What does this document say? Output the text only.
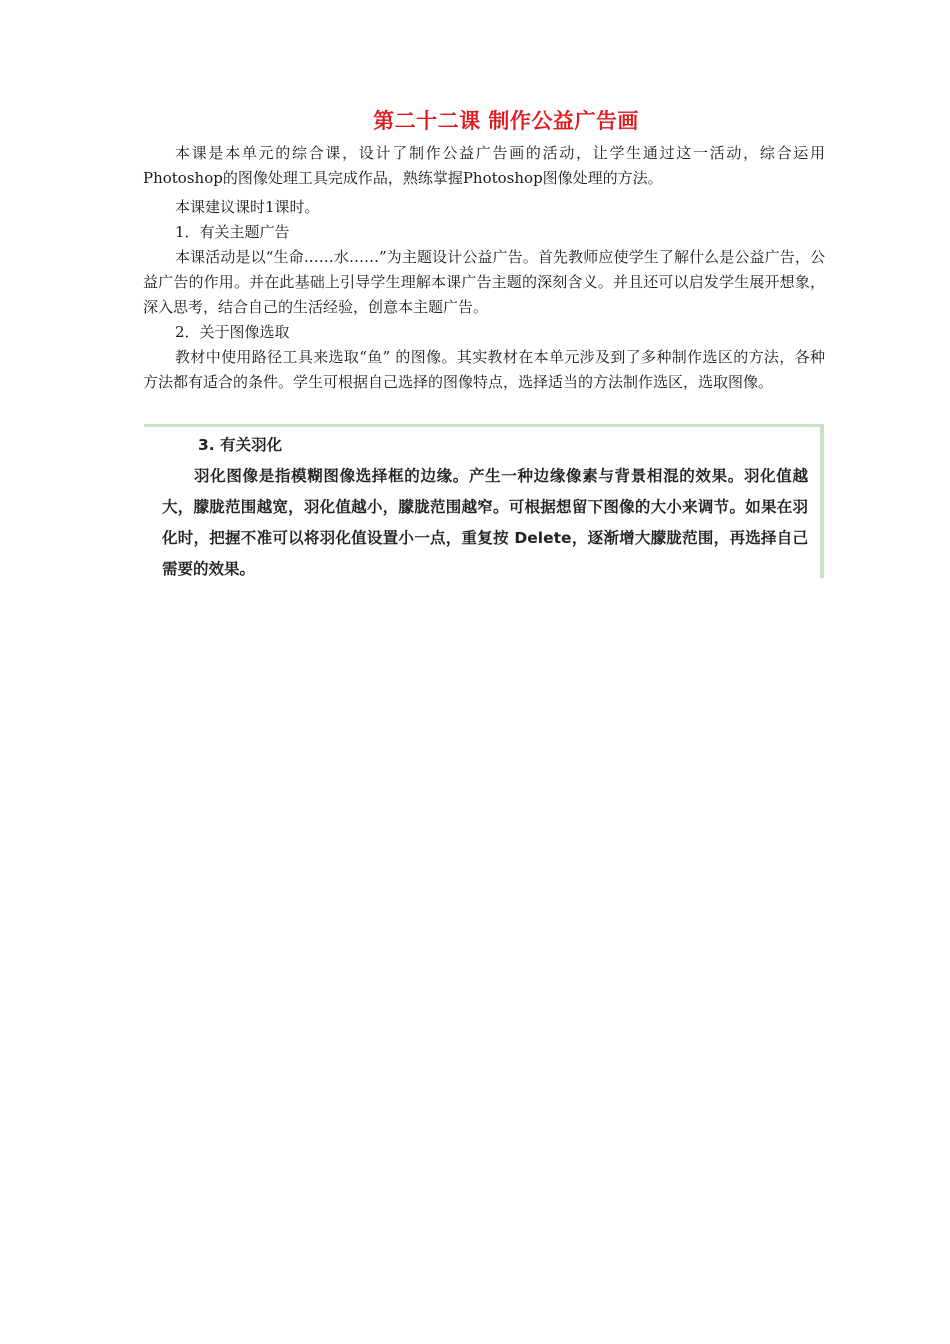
第二十二课 制作公益广告画

本课是本单元的综合课，设计了制作公益广告画的活动，让学生通过这一活动，综合运用Photoshop的图像处理工具完成作品，熟练掌握Photoshop图像处理的方法。

本课建议课时1课时。

1．有关主题广告

本课活动是以“生命……水……”为主题设计公益广告。首先教师应使学生了解什么是公益广告，公益广告的作用。并在此基础上引导学生理解本课广告主题的深刻含义。并且还可以启发学生展开想象，深入思考，结合自己的生活经验，创意本主题广告。

2．关于图像选取

教材中使用路径工具来选取“鱼” 的图像。其实教材在本单元涉及到了多种制作选区的方法，各种方法都有适合的条件。学生可根据自己选择的图像特点，选择适当的方法制作选区，选取图像。

3. 有关羽化

羽化图像是指模糊图像选择框的边缘。产生一种边缘像素与背景相混的效果。羽化值越大，朦胧范围越宽，羽化值越小，朦胧范围越窄。可根据想留下图像的大小来调节。如果在羽化时，把握不准可以将羽化值设置小一点，重复按 Delete，逐渐增大朦胧范围，再选择自己需要的效果。
